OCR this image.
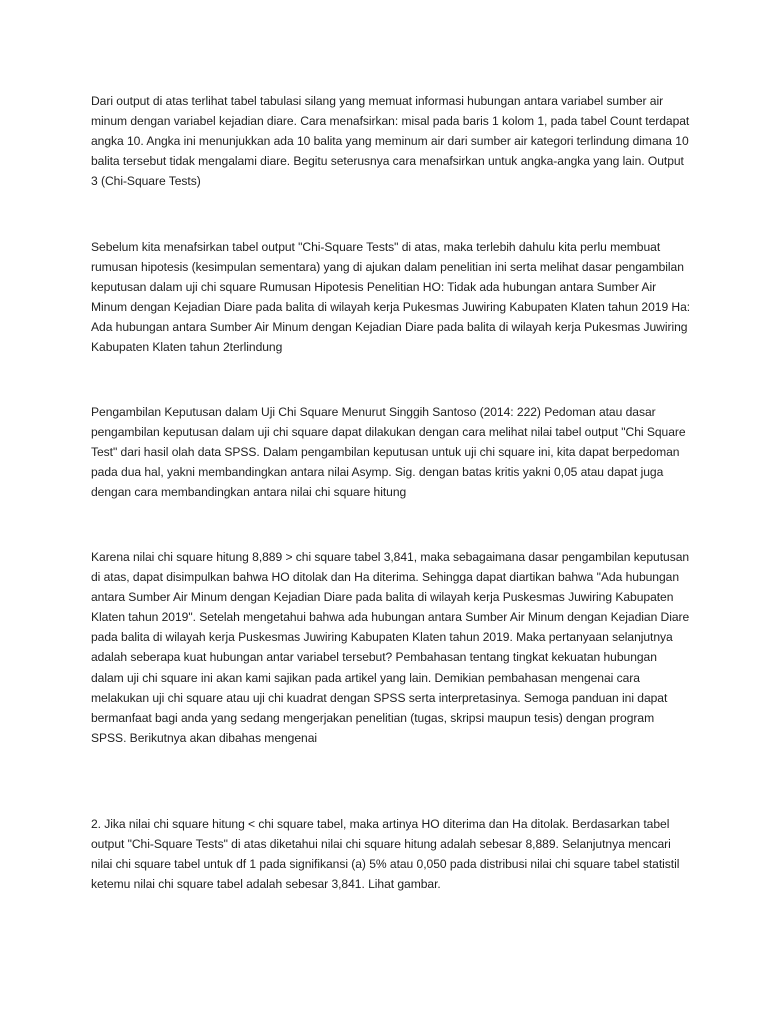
Dari output di atas terlihat tabel tabulasi silang yang memuat informasi hubungan antara variabel sumber air minum dengan variabel kejadian diare. Cara menafsirkan: misal pada baris 1 kolom 1, pada tabel Count terdapat angka 10. Angka ini menunjukkan ada 10 balita yang meminum air dari sumber air kategori terlindung dimana 10 balita tersebut tidak mengalami diare. Begitu seterusnya cara menafsirkan untuk angka-angka yang lain. Output 3 (Chi-Square Tests)

Sebelum kita menafsirkan tabel output "Chi-Square Tests" di atas, maka terlebih dahulu kita perlu membuat rumusan hipotesis (kesimpulan sementara) yang di ajukan dalam penelitian ini serta melihat dasar pengambilan keputusan dalam uji chi square Rumusan Hipotesis Penelitian HO: Tidak ada hubungan antara Sumber Air Minum dengan Kejadian Diare pada balita di wilayah kerja Pukesmas Juwiring Kabupaten Klaten tahun 2019 Ha: Ada hubungan antara Sumber Air Minum dengan Kejadian Diare pada balita di wilayah kerja Pukesmas Juwiring Kabupaten Klaten tahun 2terlindung

Pengambilan Keputusan dalam Uji Chi Square Menurut Singgih Santoso (2014: 222) Pedoman atau dasar pengambilan keputusan dalam uji chi square dapat dilakukan dengan cara melihat nilai tabel output "Chi Square Test" dari hasil olah data SPSS. Dalam pengambilan keputusan untuk uji chi square ini, kita dapat berpedoman pada dua hal, yakni membandingkan antara nilai Asymp. Sig. dengan batas kritis yakni 0,05 atau dapat juga dengan cara membandingkan antara nilai chi square hitung

Karena nilai chi square hitung 8,889 > chi square tabel 3,841, maka sebagaimana dasar pengambilan keputusan di atas, dapat disimpulkan bahwa HO ditolak dan Ha diterima. Sehingga dapat diartikan bahwa "Ada hubungan antara Sumber Air Minum dengan Kejadian Diare pada balita di wilayah kerja Puskesmas Juwiring Kabupaten Klaten tahun 2019". Setelah mengetahui bahwa ada hubungan antara Sumber Air Minum dengan Kejadian Diare pada balita di wilayah kerja Puskesmas Juwiring Kabupaten Klaten tahun 2019. Maka pertanyaan selanjutnya adalah seberapa kuat hubungan antar variabel tersebut? Pembahasan tentang tingkat kekuatan hubungan dalam uji chi square ini akan kami sajikan pada artikel yang lain. Demikian pembahasan mengenai cara melakukan uji chi square atau uji chi kuadrat dengan SPSS serta interpretasinya. Semoga panduan ini dapat bermanfaat bagi anda yang sedang mengerjakan penelitian (tugas, skripsi maupun tesis) dengan program SPSS. Berikutnya akan dibahas mengenai

2. Jika nilai chi square hitung < chi square tabel, maka artinya HO diterima dan Ha ditolak. Berdasarkan tabel output "Chi-Square Tests" di atas diketahui nilai chi square hitung adalah sebesar 8,889. Selanjutnya mencari nilai chi square tabel untuk df 1 pada signifikansi (a) 5% atau 0,050 pada distribusi nilai chi square tabel statistil ketemu nilai chi square tabel adalah sebesar 3,841. Lihat gambar.
